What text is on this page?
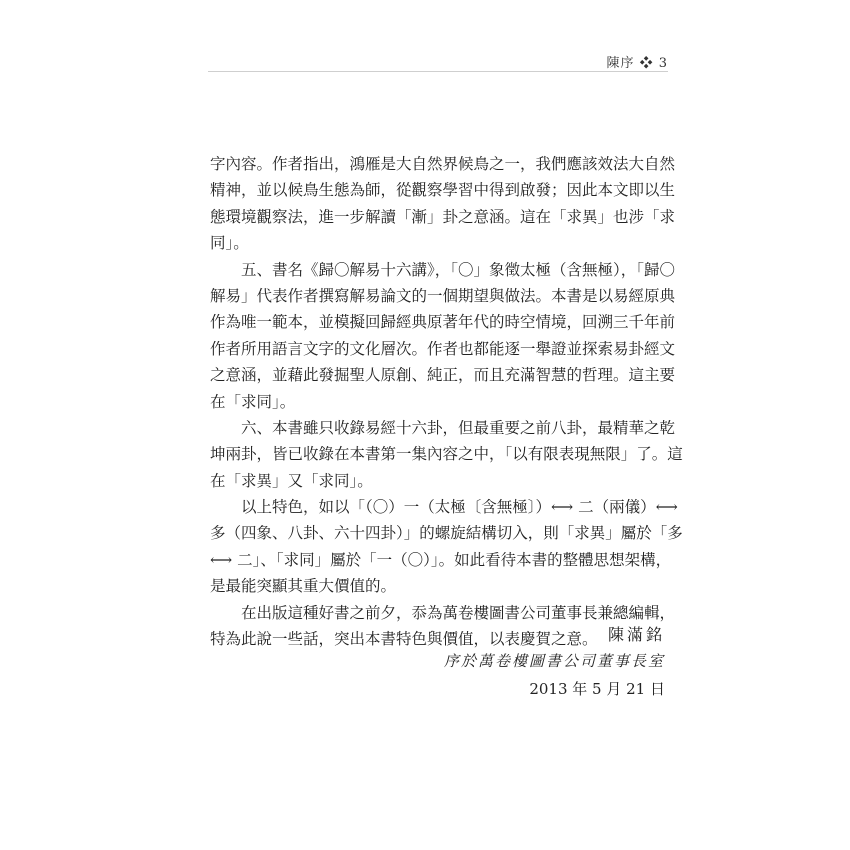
陳序 ❖ 3
字內容。作者指出，鴻雁是大自然界候鳥之一，我們應該效法大自然
精神，並以候鳥生態為師，從觀察學習中得到啟發；因此本文即以生
態環境觀察法，進一步解讀「漸」卦之意涵。這在「求異」也涉「求
同」。
五、書名《歸〇解易十六講》，「〇」象徵太極（含無極），「歸〇
解易」代表作者撰寫解易論文的一個期望與做法。本書是以易經原典
作為唯一範本，並模擬回歸經典原著年代的時空情境，回溯三千年前
作者所用語言文字的文化層次。作者也都能逐一舉證並探索易卦經文
之意涵，並藉此發掘聖人原創、純正，而且充滿智慧的哲理。這主要
在「求同」。
六、本書雖只收錄易經十六卦，但最重要之前八卦，最精華之乾
坤兩卦，皆已收錄在本書第一集內容之中，「以有限表現無限」了。這
在「求異」又「求同」。
以上特色，如以「（〇）一（太極〔含無極〕）⟷ 二（兩儀）⟷
多（四象、八卦、六十四卦）」的螺旋結構切入，則「求異」屬於「多
⟷ 二」、「求同」屬於「一（〇）」。如此看待本書的整體思想架構，
是最能突顯其重大價值的。
在出版這種好書之前夕，忝為萬卷樓圖書公司董事長兼總編輯，
特為此說一些話，突出本書特色與價值，以表慶賀之意。 陳滿銘
序於萬卷樓圖書公司董事長室
2013 年 5 月 21 日
